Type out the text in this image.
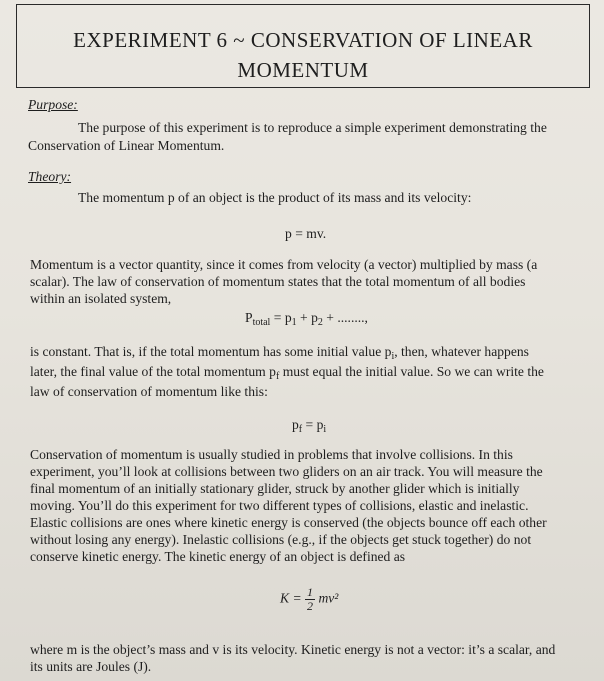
EXPERIMENT 6 ~ CONSERVATION OF LINEAR
MOMENTUM
Purpose:
The purpose of this experiment is to reproduce a simple experiment demonstrating the
Conservation of Linear Momentum.
Theory:
The momentum p of an object is the product of its mass and its velocity:
p = mv.
Momentum is a vector quantity, since it comes from velocity (a vector) multiplied by mass (a
scalar). The law of conservation of momentum states that the total momentum of all bodies
within an isolated system,
$P_{total} = p_1 + p_2$ + ........,
is constant. That is, if the total momentum has some initial value $p_i$, then, whatever happens
later, the final value of the total momentum $p_f$ must equal the initial value. So we can write the
law of conservation of momentum like this:
$p_f = p_i$
Conservation of momentum is usually studied in problems that involve collisions. In this
experiment, you’ll look at collisions between two gliders on an air track. You will measure the
final momentum of an initially stationary glider, struck by another glider which is initially
moving. You’ll do this experiment for two different types of collisions, elastic and inelastic.
Elastic collisions are ones where kinetic energy is conserved (the objects bounce off each other
without losing any energy). Inelastic collisions (e.g., if the objects get stuck together) do not
conserve kinetic energy. The kinetic energy of an object is defined as
$K = \frac{1}{2} mv^2$
where m is the object’s mass and v is its velocity. Kinetic energy is not a vector: it’s a scalar, and
its units are Joules (J).
